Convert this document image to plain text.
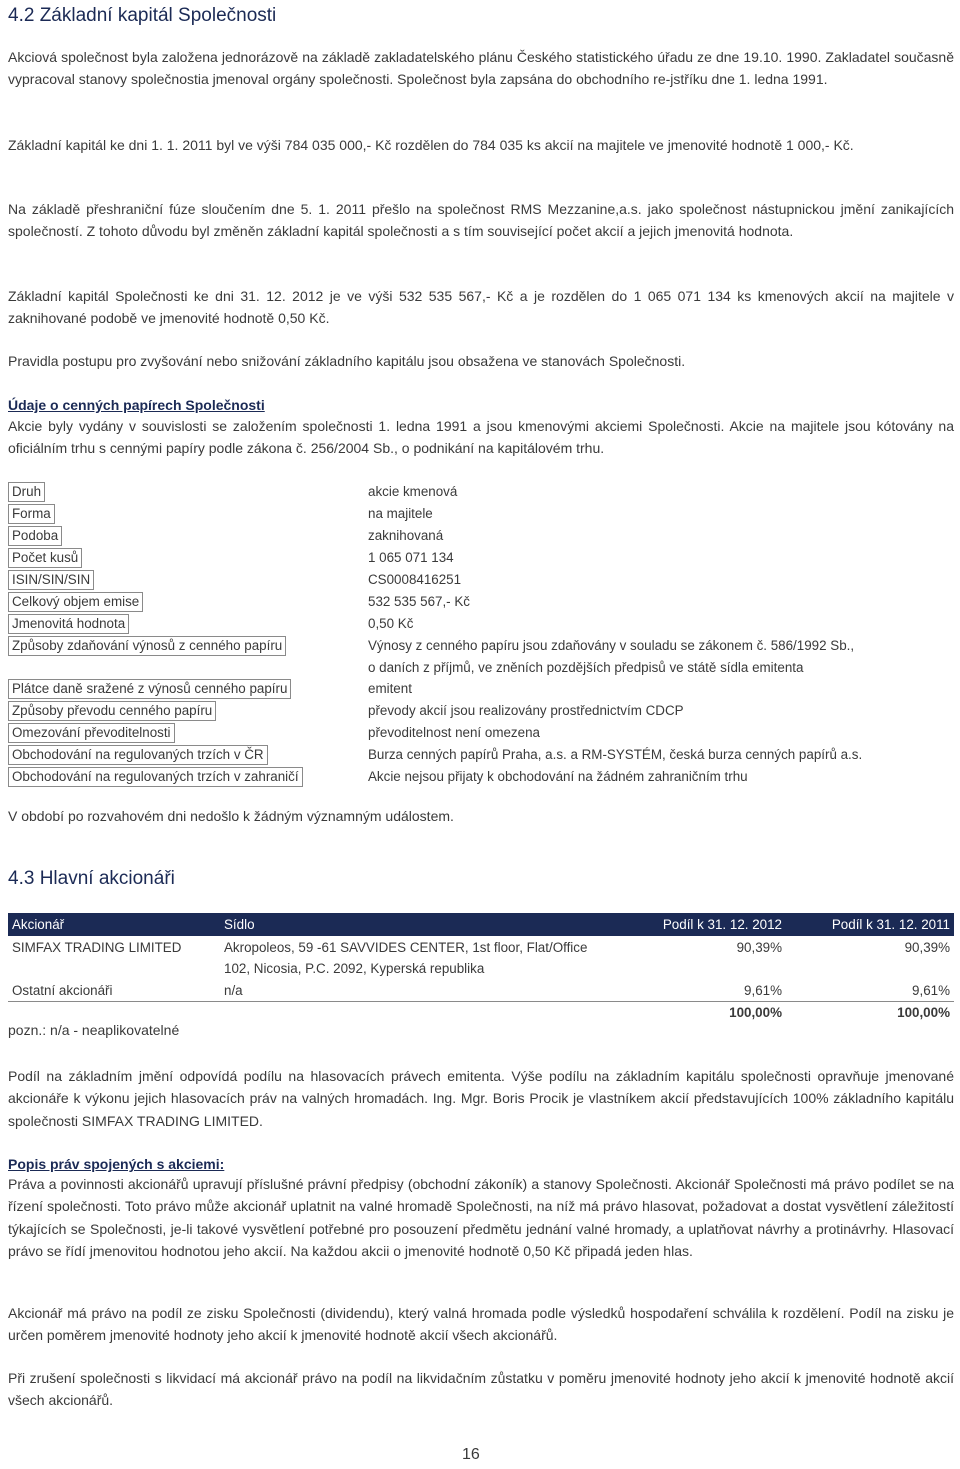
4.2 Základní kapitál Společnosti

Akciová společnost byla založena jednorázově na základě zakladatelského plánu Českého statistického úřadu ze dne 19.10. 1990. Zakladatel současně vypracoval stanovy společnostia jmenoval orgány společnosti. Společnost byla zapsána do obchodního re-jstříku dne 1. ledna 1991.

Základní kapitál ke dni 1. 1. 2011 byl ve výši 784 035 000,- Kč rozdělen do 784 035 ks akcií na majitele ve jmenovité hodnotě 1 000,- Kč.

Na základě přeshraniční fúze sloučením dne 5. 1. 2011 přešlo na společnost RMS Mezzanine,a.s. jako společnost nástupnickou jmění zanikajících společností. Z tohoto důvodu byl změněn základní kapitál společnosti a s tím související počet akcií a jejich jmenovitá hodnota.

Základní kapitál Společnosti ke dni 31. 12. 2012 je ve výši 532 535 567,- Kč a je rozdělen do 1 065 071 134 ks kmenových akcií na majitele v zaknihované podobě ve jmenovité hodnotě 0,50 Kč.

Pravidla postupu pro zvyšování nebo snižování základního kapitálu jsou obsažena ve stanovách Společnosti.

Údaje o cenných papírech Společnosti

Akcie byly vydány v souvislosti se založením společnosti 1. ledna 1991 a jsou kmenovými akciemi Společnosti. Akcie na majitele jsou kótovány na oficiálním trhu s cennými papíry podle zákona č. 256/2004 Sb., o podnikání na kapitálovém trhu.

Druh	akcie kmenová
Forma	na majitele
Podoba	zaknihovaná
Počet kusů	1 065 071 134
ISIN/SIN/SIN	CS0008416251
Celkový objem emise	532 535 567,- Kč
Jmenovitá hodnota	0,50 Kč
Způsoby zdaňování výnosů z cenného papíru	Výnosy z cenného papíru jsou zdaňovány v souladu se zákonem č. 586/1992 Sb.,
o daních z příjmů, ve zněních pozdějších předpisů ve státě sídla emitenta

Plátce daně sražené z výnosů cenného papíru	emitent
Způsoby převodu cenného papíru	převody akcií jsou realizovány prostřednictvím CDCP
Omezování převoditelnosti	převoditelnost není omezena
Obchodování na regulovaných trzích v ČR	Burza cenných papírů Praha, a.s. a RM-SYSTÉM, česká burza cenných papírů a.s.
Obchodování na regulovaných trzích v zahraničí	Akcie nejsou přijaty k obchodování na žádném zahraničním trhu

V období po rozvahovém dni nedošlo k žádným významným událostem.

4.3 Hlavní akcionáři
Akcionář	Sídlo	Podíl k 31. 12. 2012	Podíl k 31. 12. 2011
SIMFAX TRADING LIMITED	Akropoleos, 59 -61 SAVVIDES CENTER, 1st floor, Flat/Office
102, Nicosia, P.C. 2092, Kyperská republika	90,39%	90,39%
Ostatní akcionáři	n/a	9,61%	9,61%
		100,00%	100,00%
pozn.: n/a - neaplikovatelné

Podíl na základním jmění odpovídá podílu na hlasovacích právech emitenta. Výše podílu na základním kapitálu společnosti opravňuje jmenované akcionáře k výkonu jejich hlasovacích práv na valných hromadách. Ing. Mgr. Boris Procik je vlastníkem akcií představujících 100% základního kapitálu společnosti SIMFAX TRADING LIMITED.

Popis práv spojených s akciemi:

Práva a povinnosti akcionářů upravují příslušné právní předpisy (obchodní zákoník) a stanovy Společnosti. Akcionář Společnosti má právo podílet se na řízení společnosti. Toto právo může akcionář uplatnit na valné hromadě Společnosti, na níž má právo hlasovat, požadovat a dostat vysvětlení záležitostí týkajících se Společnosti, je-li takové vysvětlení potřebné pro posouzení předmětu jednání valné hromady, a uplatňovat návrhy a protinávrhy. Hlasovací právo se řídí jmenovitou hodnotou jeho akcií. Na každou akcii o jmenovité hodnotě 0,50 Kč připadá jeden hlas.

Akcionář má právo na podíl ze zisku Společnosti (dividendu), který valná hromada podle výsledků hospodaření schválila k rozdělení. Podíl na zisku je určen poměrem jmenovité hodnoty jeho akcií k jmenovité hodnotě akcií všech akcionářů.

Při zrušení společnosti s likvidací má akcionář právo na podíl na likvidačním zůstatku v poměru jmenovité hodnoty jeho akcií k jmenovité hodnotě akcií všech akcionářů.

16
